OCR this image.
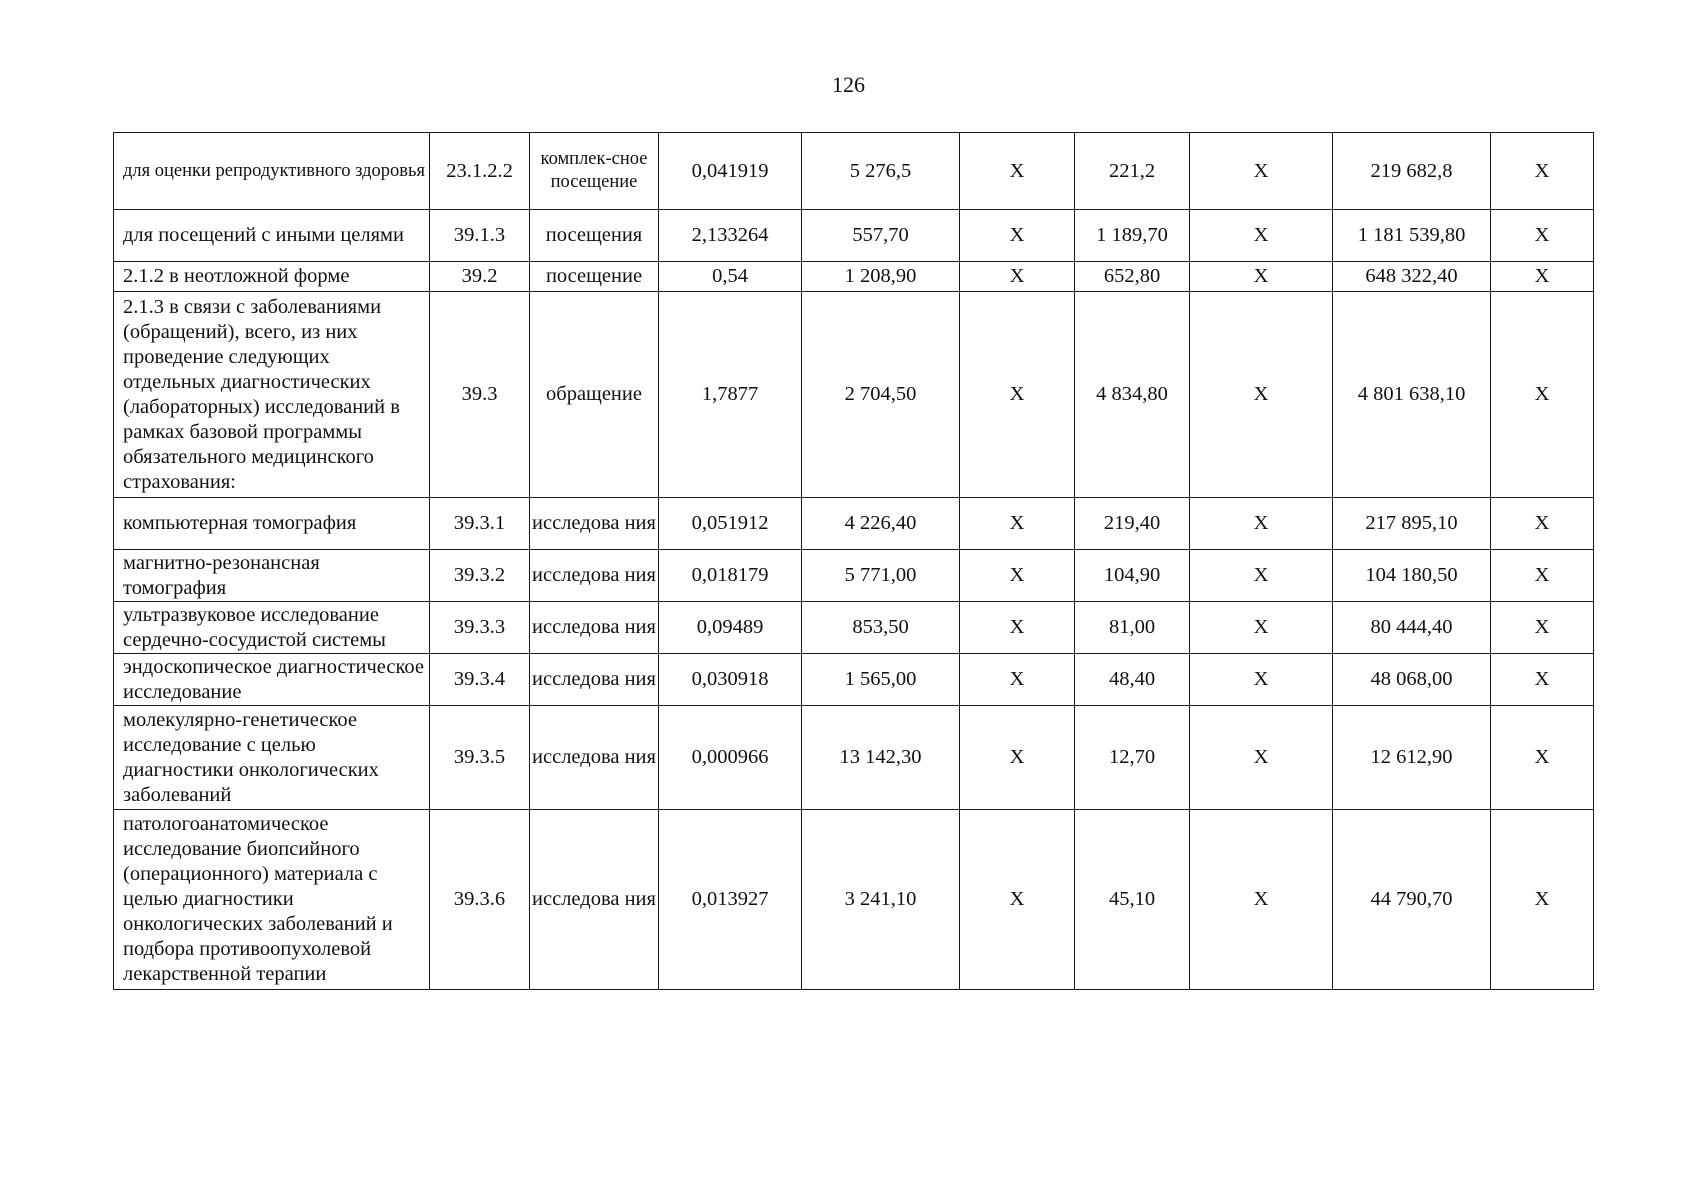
126
для оценки репродуктивного здоровья	23.1.2.2	комплек-сное посещение	0,041919	5 276,5	Х	221,2	Х	219 682,8	Х
для посещений с иными целями	39.1.3	посещения	2,133264	557,70	Х	1 189,70	Х	1 181 539,80	Х
2.1.2 в неотложной форме	39.2	посещение	0,54	1 208,90	Х	652,80	Х	648 322,40	Х
2.1.3 в связи с заболеваниями (обращений), всего, из них проведение следующих отдельных диагностических (лабораторных) исследований в рамках базовой программы обязательного медицинского страхования:	39.3	обращение	1,7877	2 704,50	Х	4 834,80	Х	4 801 638,10	Х
компьютерная томография	39.3.1	исследова ния	0,051912	4 226,40	Х	219,40	Х	217 895,10	Х
магнитно-резонансная томография	39.3.2	исследова ния	0,018179	5 771,00	Х	104,90	Х	104 180,50	Х
ультразвуковое исследование сердечно-сосудистой системы	39.3.3	исследова ния	0,09489	853,50	Х	81,00	Х	80 444,40	Х
эндоскопическое диагностическое исследование	39.3.4	исследова ния	0,030918	1 565,00	Х	48,40	Х	48 068,00	Х
молекулярно-генетическое исследование с целью диагностики онкологических заболеваний	39.3.5	исследова ния	0,000966	13 142,30	Х	12,70	Х	12 612,90	Х
патологоанатомическое исследование биопсийного (операционного) материала с целью диагностики онкологических заболеваний и подбора противоопухолевой лекарственной терапии	39.3.6	исследова ния	0,013927	3 241,10	Х	45,10	Х	44 790,70	Х
